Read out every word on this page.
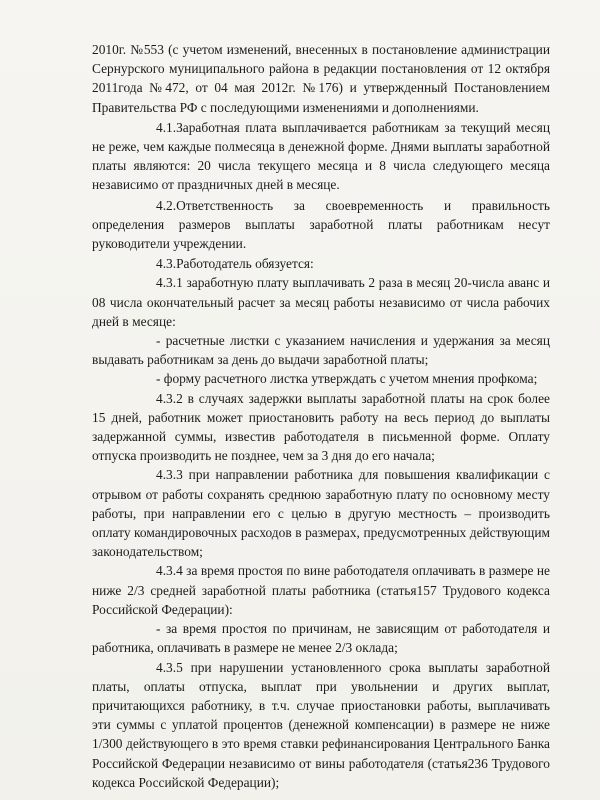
2010г. №553 (с учетом изменений, внесенных в постановление администрации Сернурского муниципального района в редакции постановления от 12 октября 2011года №472, от 04 мая 2012г. №176) и утвержденный Постановлением Правительства РФ с последующими изменениями и дополнениями.

4.1.Заработная плата выплачивается работникам за текущий месяц не реже, чем каждые полмесяца в денежной форме. Днями выплаты заработной платы являются: 20 числа текущего месяца и 8 числа следующего месяца независимо от праздничных дней в месяце.

4.2.Ответственность за своевременность и правильность определения размеров выплаты заработной платы работникам несут руководители учреждении.

4.3.Работодатель обязуется:

4.3.1 заработную плату выплачивать 2 раза в месяц 20-числа аванс и 08 числа окончательный расчет за месяц работы независимо от числа рабочих дней в месяце:

- расчетные листки с указанием начисления и удержания за месяц выдавать работникам за день до выдачи заработной платы;

- форму расчетного листка утверждать с учетом мнения профкома;

4.3.2 в случаях задержки выплаты заработной платы на срок более 15 дней, работник может приостановить работу на весь период до выплаты задержанной суммы, известив работодателя в письменной форме. Оплату отпуска производить не позднее, чем за 3 дня до его начала;

4.3.3 при направлении работника для повышения квалификации с отрывом от работы сохранять среднюю заработную плату по основному месту работы, при направлении его с целью в другую местность – производить оплату командировочных расходов в размерах, предусмотренных действующим законодательством;

4.3.4 за время простоя по вине работодателя оплачивать в размере не ниже 2/3 средней заработной платы работника (статья157 Трудового кодекса Российской Федерации):

- за время простоя по причинам, не зависящим от работодателя и работника, оплачивать в размере не менее 2/3 оклада;

4.3.5 при нарушении установленного срока выплаты заработной платы, оплаты отпуска, выплат при увольнении и других выплат, причитающихся работнику, в т.ч. случае приостановки работы, выплачивать эти суммы с уплатой процентов (денежной компенсации) в размере не ниже 1/300 действующего в это время ставки рефинансирования Центрального Банка Российской Федерации независимо от вины работодателя (статья236 Трудового кодекса Российской Федерации);
